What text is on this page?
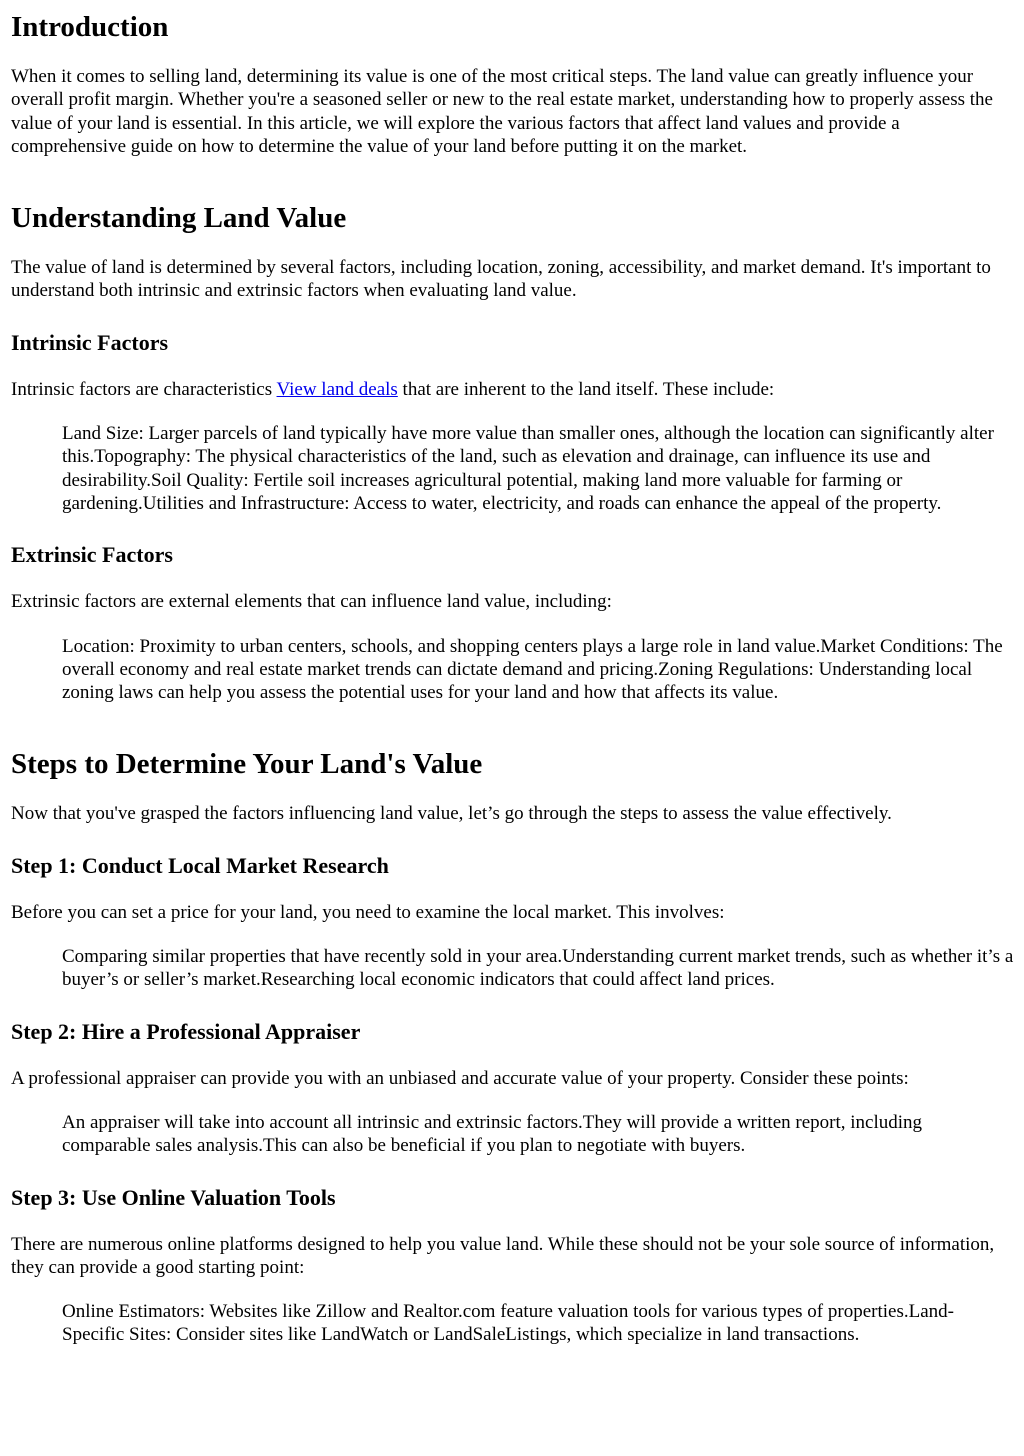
Introduction

When it comes to selling land, determining its value is one of the most critical steps. The land value can greatly influence your overall profit margin. Whether you're a seasoned seller or new to the real estate market, understanding how to properly assess the value of your land is essential. In this article, we will explore the various factors that affect land values and provide a comprehensive guide on how to determine the value of your land before putting it on the market.

Understanding Land Value

The value of land is determined by several factors, including location, zoning, accessibility, and market demand. It's important to understand both intrinsic and extrinsic factors when evaluating land value.

Intrinsic Factors

Intrinsic factors are characteristics View land deals that are inherent to the land itself. These include:

Land Size: Larger parcels of land typically have more value than smaller ones, although the location can significantly alter this.Topography: The physical characteristics of the land, such as elevation and drainage, can influence its use and desirability.Soil Quality: Fertile soil increases agricultural potential, making land more valuable for farming or gardening.Utilities and Infrastructure: Access to water, electricity, and roads can enhance the appeal of the property.
Extrinsic Factors

Extrinsic factors are external elements that can influence land value, including:

Location: Proximity to urban centers, schools, and shopping centers plays a large role in land value.Market Conditions: The overall economy and real estate market trends can dictate demand and pricing.Zoning Regulations: Understanding local zoning laws can help you assess the potential uses for your land and how that affects its value.
Steps to Determine Your Land's Value

Now that you've grasped the factors influencing land value, let’s go through the steps to assess the value effectively.

Step 1: Conduct Local Market Research

Before you can set a price for your land, you need to examine the local market. This involves:

Comparing similar properties that have recently sold in your area.Understanding current market trends, such as whether it’s a buyer’s or seller’s market.Researching local economic indicators that could affect land prices.
Step 2: Hire a Professional Appraiser

A professional appraiser can provide you with an unbiased and accurate value of your property. Consider these points:

An appraiser will take into account all intrinsic and extrinsic factors.They will provide a written report, including comparable sales analysis.This can also be beneficial if you plan to negotiate with buyers.
Step 3: Use Online Valuation Tools

There are numerous online platforms designed to help you value land. While these should not be your sole source of information, they can provide a good starting point:

Online Estimators: Websites like Zillow and Realtor.com feature valuation tools for various types of properties.Land-Specific Sites: Consider sites like LandWatch or LandSaleListings, which specialize in land transactions.
